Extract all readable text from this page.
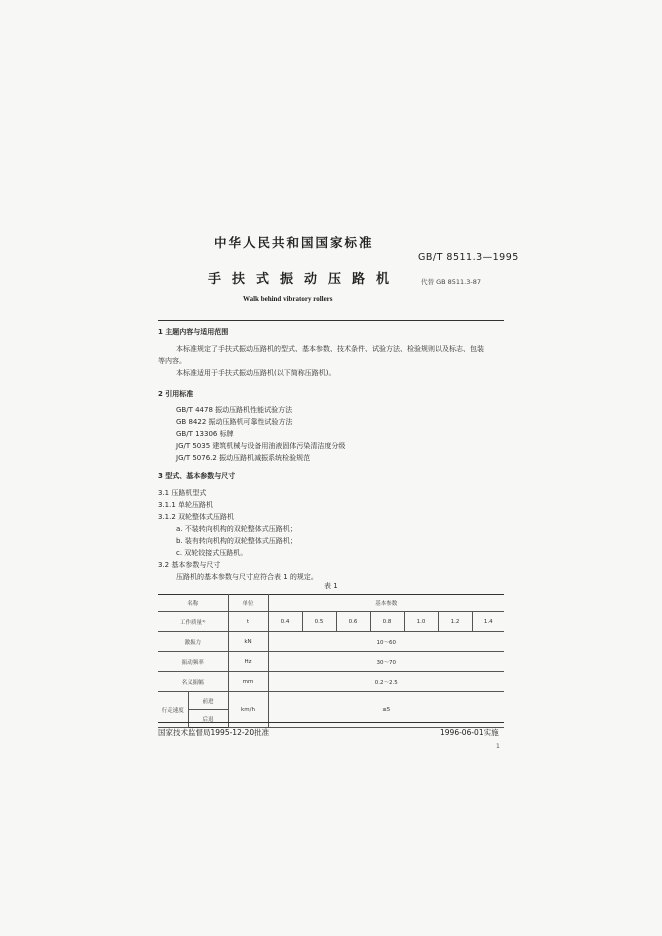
中华人民共和国国家标准
GB/T 8511.3—1995
手扶式振动压路机	代替 GB 8511.3-87
Walk behind vibratory rollers
1 主题内容与适用范围
本标准规定了手扶式振动压路机的型式、基本参数、技术条件、试验方法、检验规则以及标志、包装
等内容。
本标准适用于手扶式振动压路机(以下简称压路机)。
2 引用标准
GB/T 4478 振动压路机性能试验方法
GB 8422 振动压路机可靠性试验方法
GB/T 13306 标牌
JG/T 5035 建筑机械与设备用油液固体污染清洁度分级
JG/T 5076.2 振动压路机减振系统检验规范
3 型式、基本参数与尺寸
3.1 压路机型式
3.1.1 单轮压路机
3.1.2 双轮整体式压路机
a. 不装转向机构的双轮整体式压路机；
b. 装有转向机构的双轮整体式压路机；
c. 双轮铰接式压路机。
3.2 基本参数与尺寸
压路机的基本参数与尺寸应符合表 1 的规定。
表 1
名称		单位	基本参数						
工作质量¹⁾		t	0.4	0.5	0.6	0.8	1.0	1.2	1.4
激振力		kN	10～60						
振动频率		Hz	30～70						
名义振幅		mm	0.2～2.5						
行走速度	前进	km/h	≤5						
	后退								
国家技术监督局1995-12-20批准	1996-06-01实施
1
